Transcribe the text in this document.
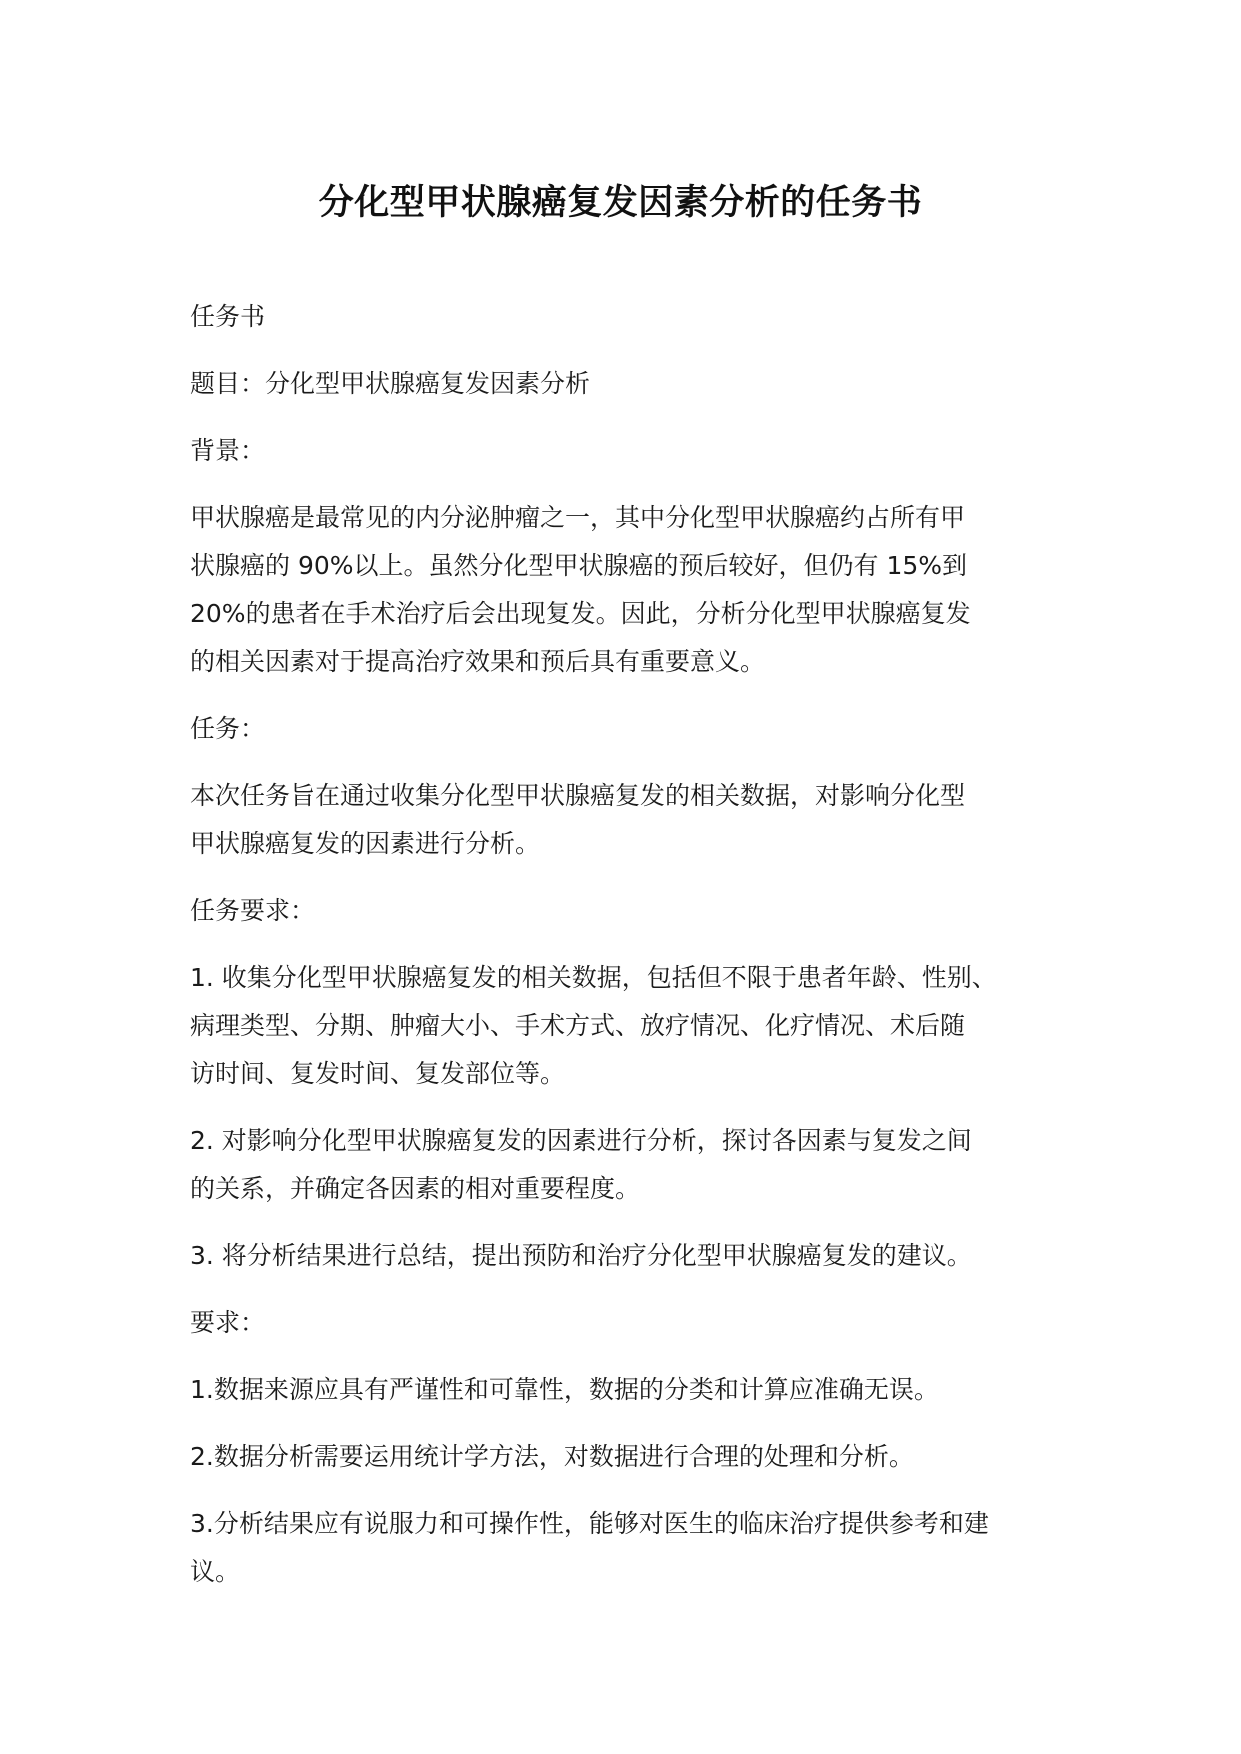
分化型甲状腺癌复发因素分析的任务书

任务书

题目：分化型甲状腺癌复发因素分析

背景：

甲状腺癌是最常见的内分泌肿瘤之一，其中分化型甲状腺癌约占所有甲
状腺癌的 90%以上。虽然分化型甲状腺癌的预后较好，但仍有 15%到
20%的患者在手术治疗后会出现复发。因此，分析分化型甲状腺癌复发
的相关因素对于提高治疗效果和预后具有重要意义。

任务：

本次任务旨在通过收集分化型甲状腺癌复发的相关数据，对影响分化型
甲状腺癌复发的因素进行分析。

任务要求：

1. 收集分化型甲状腺癌复发的相关数据，包括但不限于患者年龄、性别、
病理类型、分期、肿瘤大小、手术方式、放疗情况、化疗情况、术后随
访时间、复发时间、复发部位等。

2. 对影响分化型甲状腺癌复发的因素进行分析，探讨各因素与复发之间
的关系，并确定各因素的相对重要程度。

3. 将分析结果进行总结，提出预防和治疗分化型甲状腺癌复发的建议。

要求：

1.数据来源应具有严谨性和可靠性，数据的分类和计算应准确无误。

2.数据分析需要运用统计学方法，对数据进行合理的处理和分析。

3.分析结果应有说服力和可操作性，能够对医生的临床治疗提供参考和建
议。
